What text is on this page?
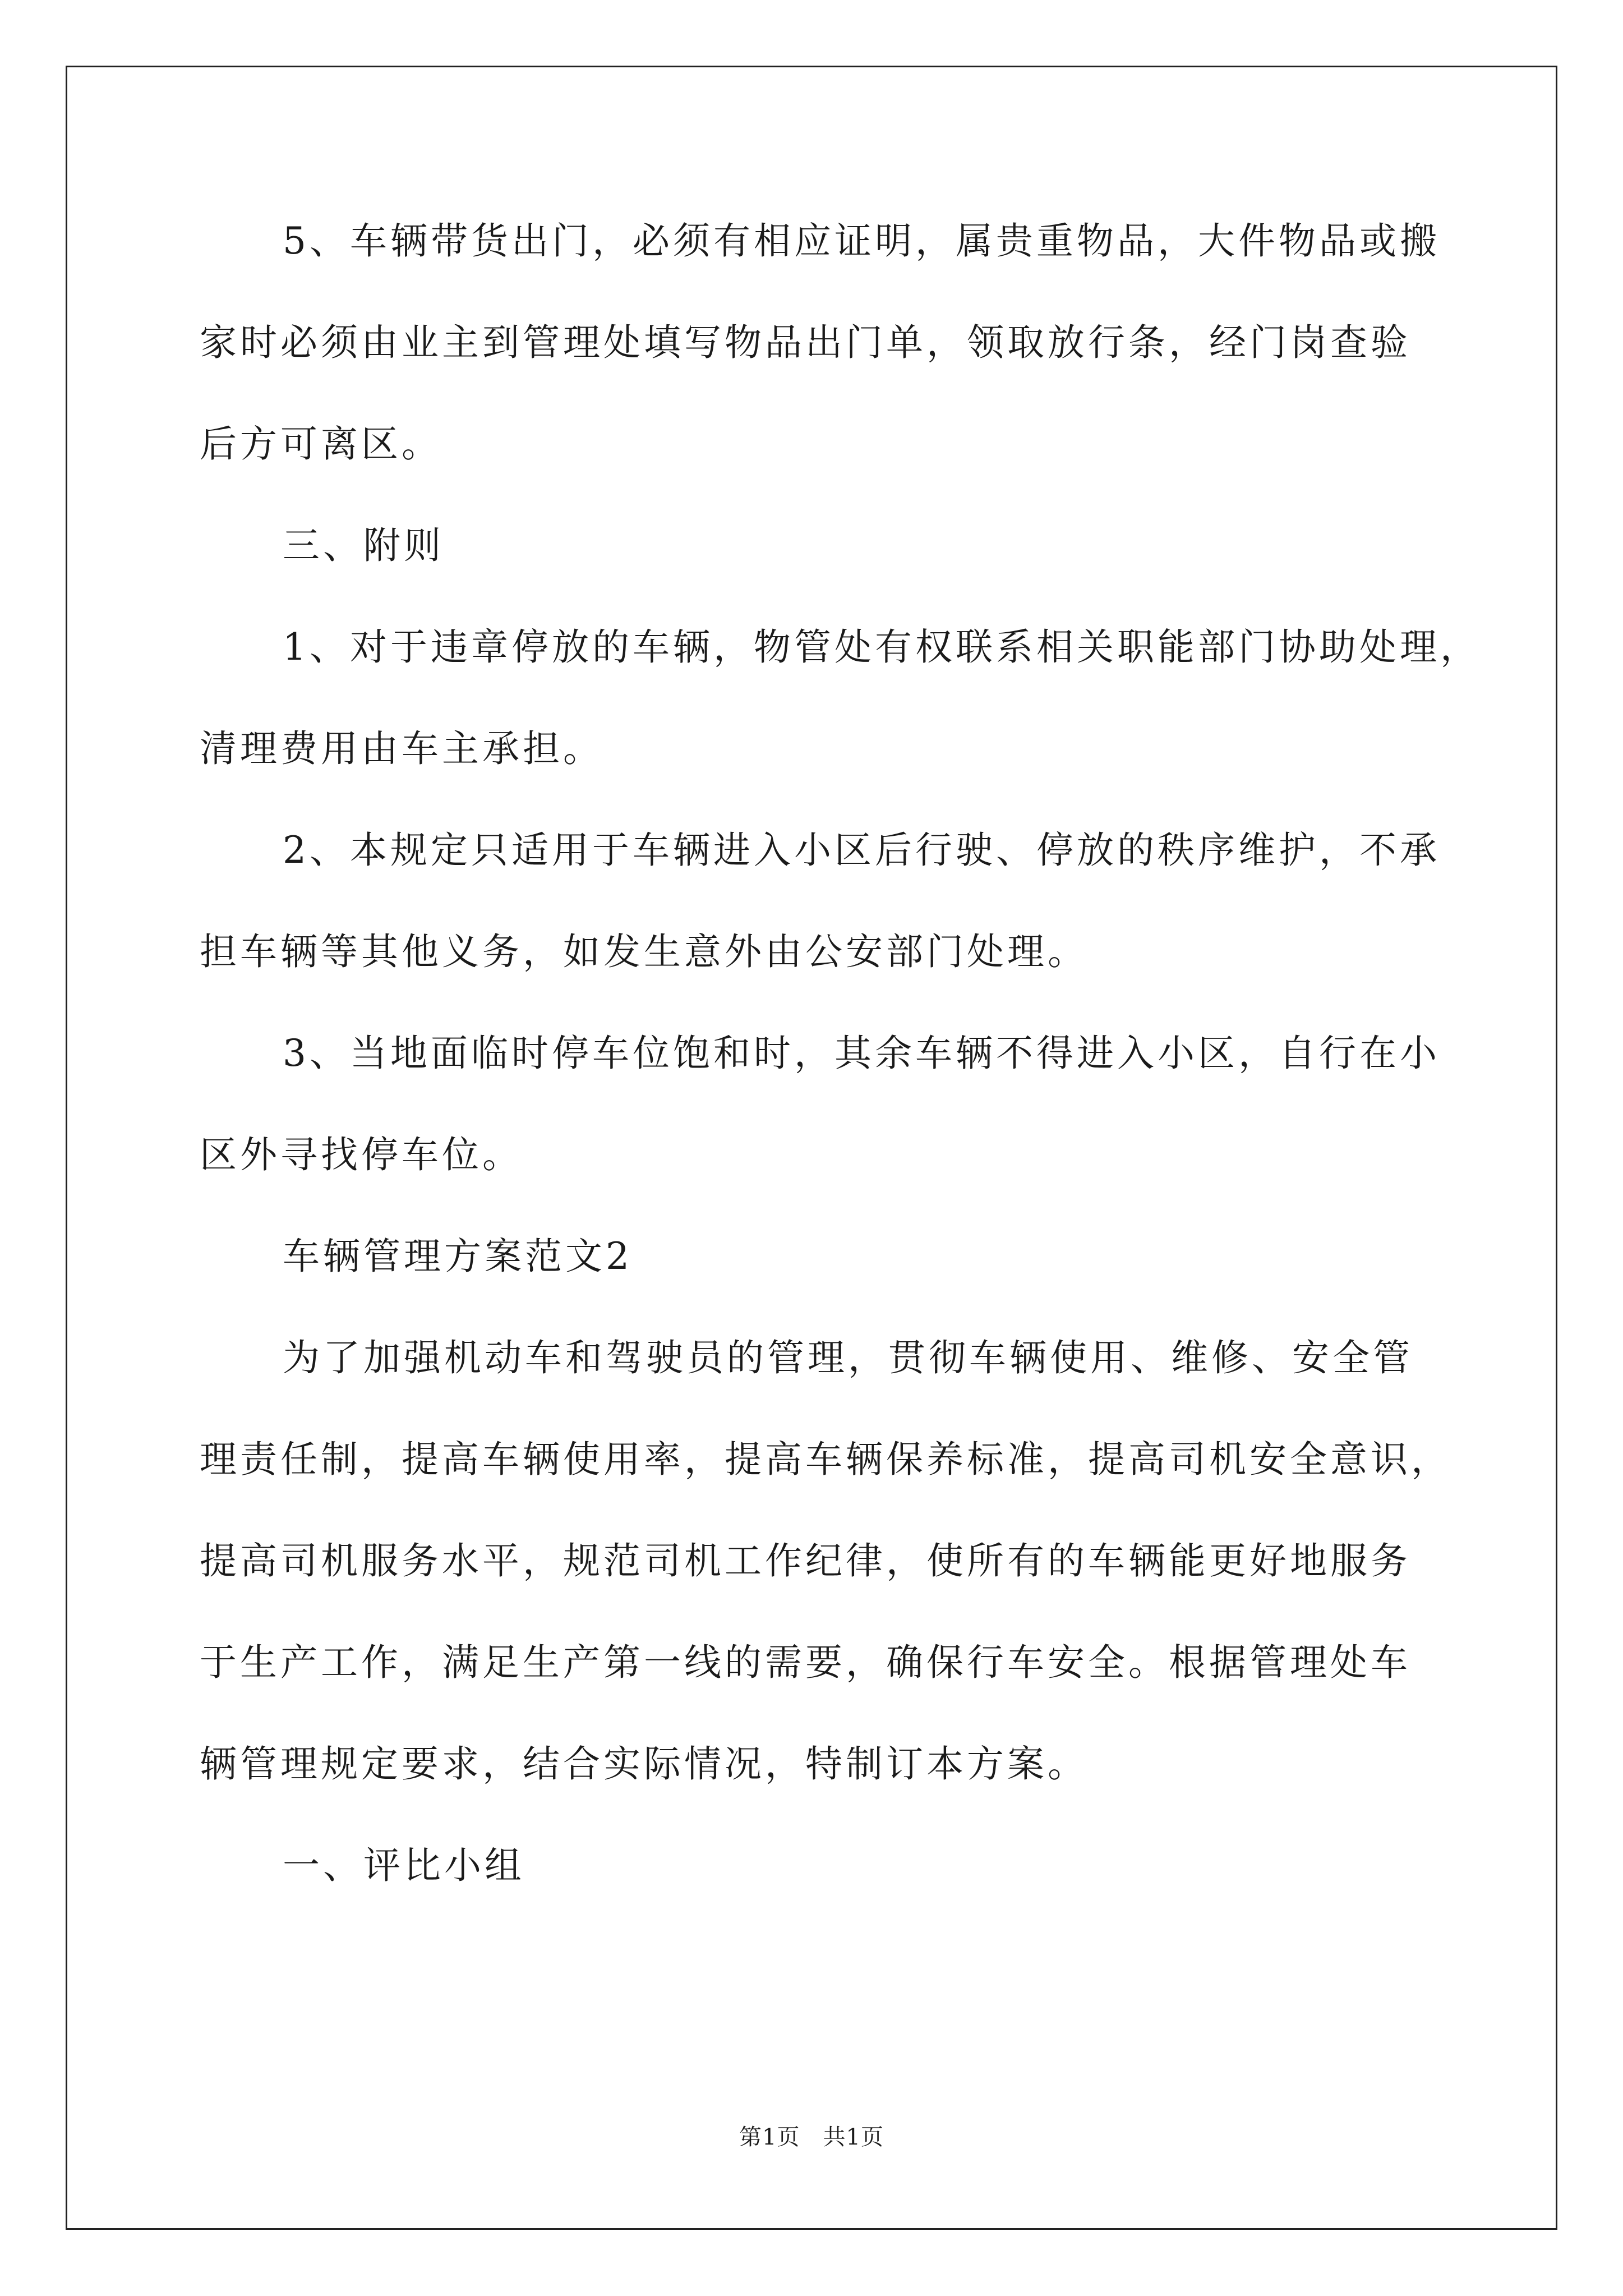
5、车辆带货出门，必须有相应证明，属贵重物品，大件物品或搬
家时必须由业主到管理处填写物品出门单，领取放行条，经门岗查验
后方可离区。
三、附则
1、对于违章停放的车辆，物管处有权联系相关职能部门协助处理，
清理费用由车主承担。
2、本规定只适用于车辆进入小区后行驶、停放的秩序维护，不承
担车辆等其他义务，如发生意外由公安部门处理。
3、当地面临时停车位饱和时，其余车辆不得进入小区，自行在小
区外寻找停车位。
车辆管理方案范文2
为了加强机动车和驾驶员的管理，贯彻车辆使用、维修、安全管
理责任制，提高车辆使用率，提高车辆保养标准，提高司机安全意识，
提高司机服务水平，规范司机工作纪律，使所有的车辆能更好地服务
于生产工作，满足生产第一线的需要，确保行车安全。根据管理处车
辆管理规定要求，结合实际情况，特制订本方案。
一、评比小组
第1页　共1页
